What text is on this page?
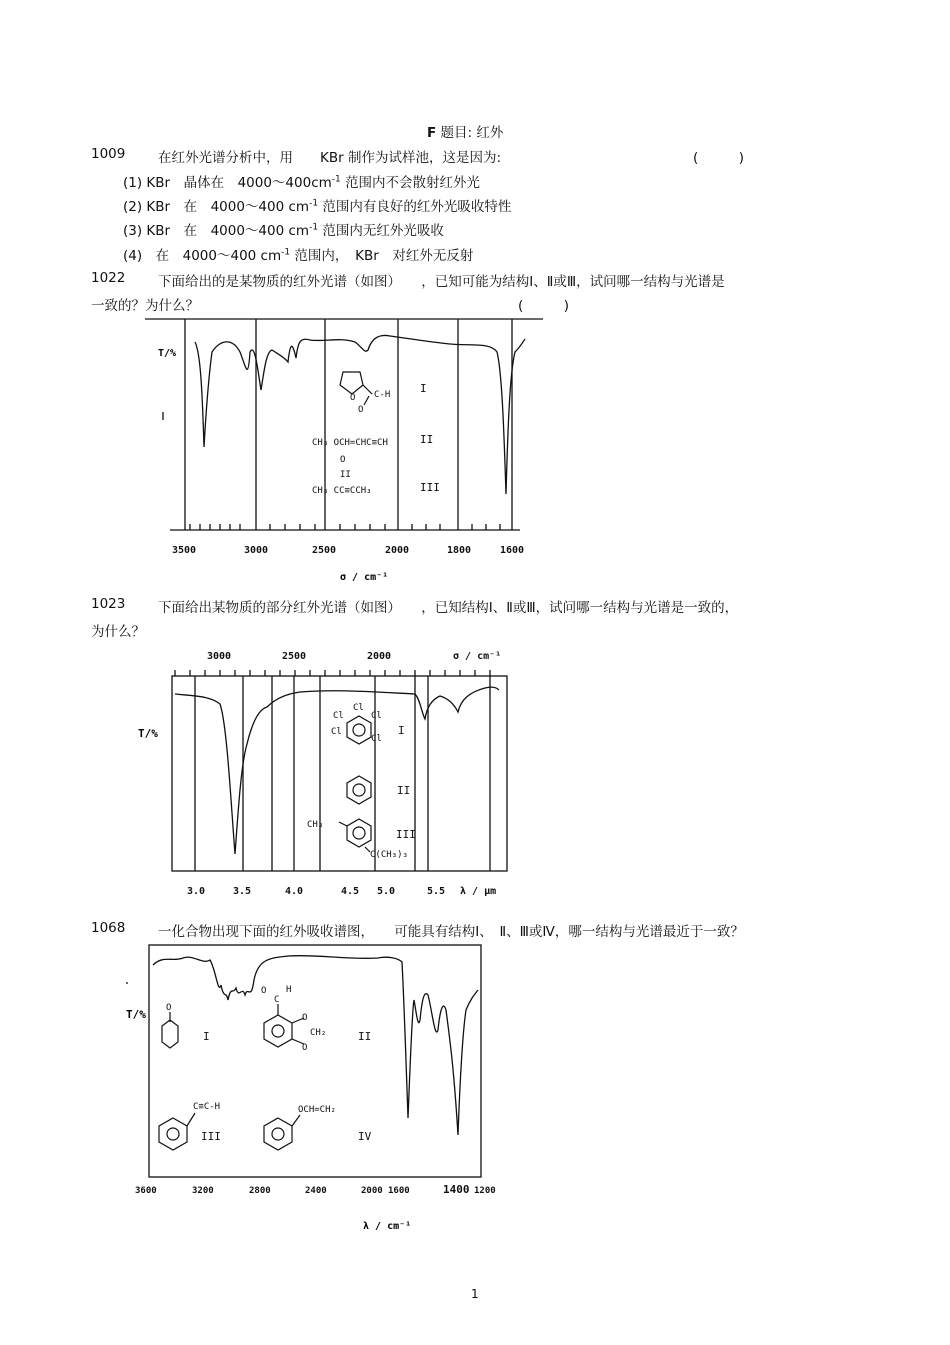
F 题目: 红外
1009 在红外光谱分析中，用　　KBr 制作为试样池，这是因为:	(　　　)
(1) KBr　晶体在　$4000\sim 400cm^{-1}$ 范围内不会散射红外光
(2) KBr　在　4000～400 $cm^{-1}$ 范围内有良好的红外光吸收特性
(3) KBr　在　4000～400 $cm^{-1}$ 范围内无红外光吸收
(4)　在　4000～400 $cm^{-1}$ 范围内，　KBr　对红外无反射
1022 下面给出的是某物质的红外光谱（如图）　　，已知可能为结构Ⅰ、Ⅱ或Ⅲ，试问哪一结构与光谱是
一致的？为什么？	(　　　)
T/%
3500	3000	2500	2000	1800	1600
σ / cm⁻¹
C-H
O
O
CH₃ OCH=CHC≡CH
O
II
CH₃ CC≡CCH₃
I
II
III
1023 下面给出某物质的部分红外光谱（如图）　　，已知结构Ⅰ、Ⅱ或Ⅲ，试问哪一结构与光谱是一致的，
为什么？
3000	2500	2000	σ / cm⁻¹
T/%
Cl
Cl	Cl
Cl
Cl
CH₃
C(CH₃)₃
I
II
III
3.0	3.5	4.0	4.5 5.0	5.5 λ / μm
1068 一化合物出现下面的红外吸收谱图，　　可能具有结构Ⅰ、　Ⅱ、Ⅲ或Ⅳ，哪一结构与光谱最近于一致？
T/% O
O H
C
O
CH₂
O
C≡C-H	OCH=CH₂
I	II
III	IV
3600	3200	2800	2400	2000 1600	1400 1200
λ / cm⁻¹
1
